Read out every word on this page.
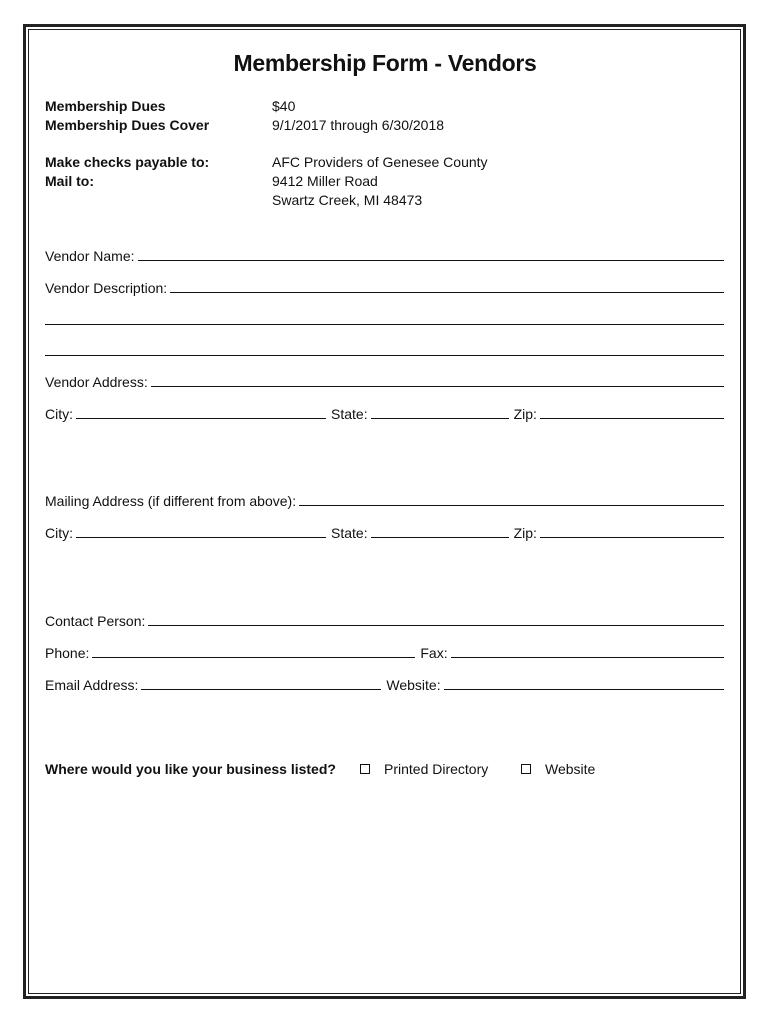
Membership Form - Vendors
Membership Dues	$40
Membership Dues Cover	9/1/2017 through 6/30/2018
Make checks payable to:	AFC Providers of Genesee County
Mail to:	9412 Miller Road
Swartz Creek, MI 48473
Vendor Name:
Vendor Description:
Vendor Address:
City:	State:	Zip:
Mailing Address (if different from above):
City:	State:	Zip:
Contact Person:
Phone:	Fax:
Email Address:	Website:
Where would you like your business listed?	Printed Directory	Website
